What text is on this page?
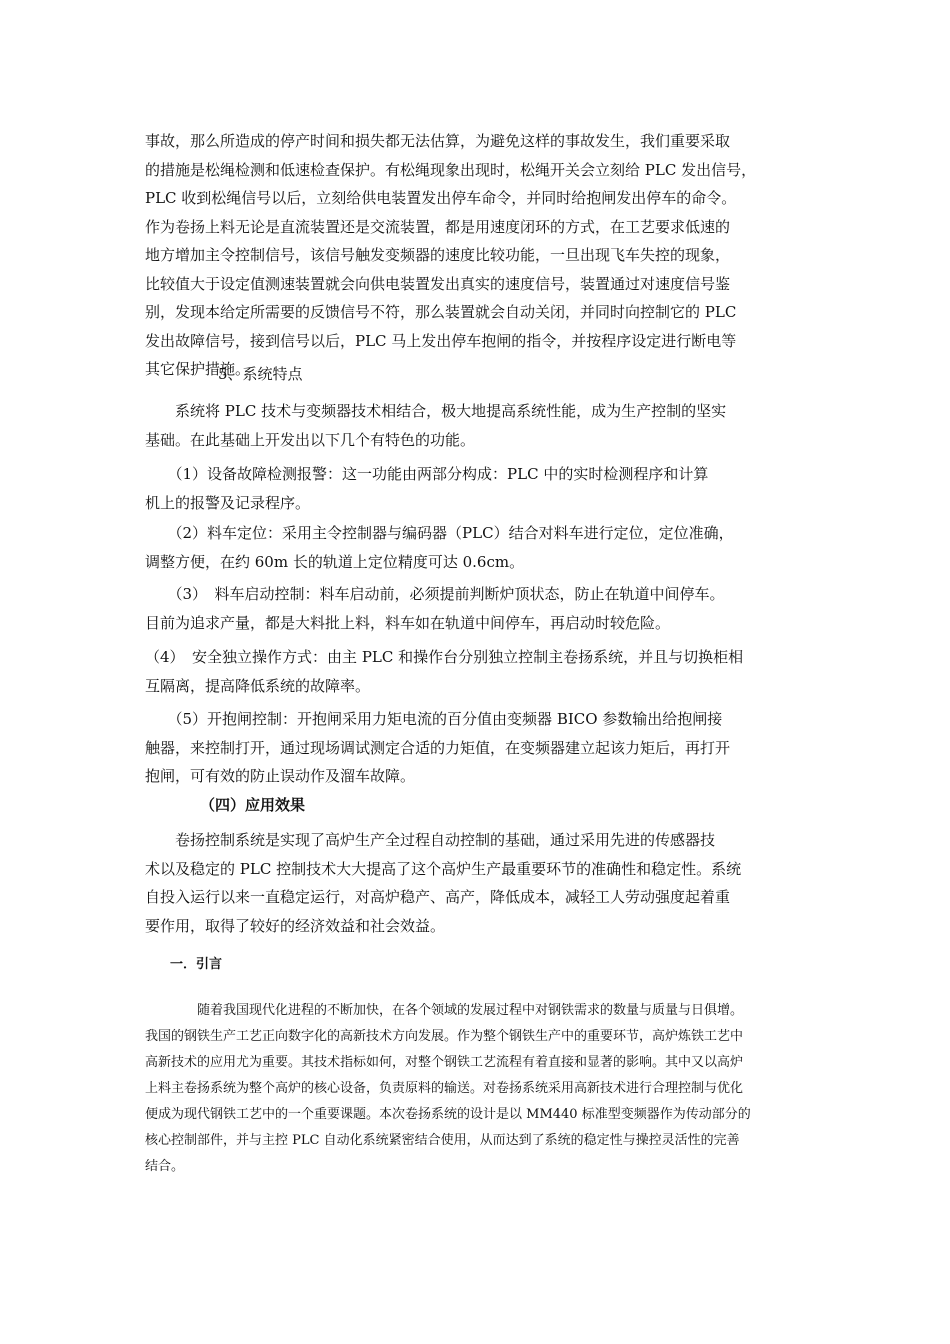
事故，那么所造成的停产时间和损失都无法估算，为避免这样的事故发生，我们重要采取
的措施是松绳检测和低速检查保护。有松绳现象出现时，松绳开关会立刻给 PLC 发出信号，
PLC 收到松绳信号以后，立刻给供电装置发出停车命令，并同时给抱闸发出停车的命令。
作为卷扬上料无论是直流装置还是交流装置，都是用速度闭环的方式，在工艺要求低速的
地方增加主令控制信号，该信号触发变频器的速度比较功能，一旦出现飞车失控的现象，
比较值大于设定值测速装置就会向供电装置发出真实的速度信号，装置通过对速度信号鉴
别，发现本给定所需要的反馈信号不符，那么装置就会自动关闭，并同时向控制它的 PLC
发出故障信号，接到信号以后，PLC 马上发出停车抱闸的指令，并按程序设定进行断电等
其它保护措施。
5、系统特点
　　系统将 PLC 技术与变频器技术相结合，极大地提高系统性能，成为生产控制的坚实
基础。在此基础上开发出以下几个有特色的功能。
　　（1）设备故障检测报警：这一功能由两部分构成：PLC 中的实时检测程序和计算
机上的报警及记录程序。
　　（2）料车定位：采用主令控制器与编码器（PLC）结合对料车进行定位，定位准确，
调整方便，在约 60m 长的轨道上定位精度可达 0.6cm。
　　（3）　料车启动控制：料车启动前，必须提前判断炉顶状态，防止在轨道中间停车。
目前为追求产量，都是大料批上料，料车如在轨道中间停车，再启动时较危险。
（4）　安全独立操作方式：由主 PLC 和操作台分别独立控制主卷扬系统，并且与切换柜相
互隔离，提高降低系统的故障率。
　　（5）开抱闸控制：开抱闸采用力矩电流的百分值由变频器 BICO 参数输出给抱闸接
触器，来控制打开，通过现场调试测定合适的力矩值，在变频器建立起该力矩后，再打开
抱闸，可有效的防止误动作及溜车故障。
（四）应用效果
　　卷扬控制系统是实现了高炉生产全过程自动控制的基础，通过采用先进的传感器技
术以及稳定的 PLC 控制技术大大提高了这个高炉生产最重要环节的准确性和稳定性。系统
自投入运行以来一直稳定运行，对高炉稳产、高产，降低成本，减轻工人劳动强度起着重
要作用，取得了较好的经济效益和社会效益。
一．引言
　　　　随着我国现代化进程的不断加快，在各个领域的发展过程中对钢铁需求的数量与质量与日俱增。
我国的钢铁生产工艺正向数字化的高新技术方向发展。作为整个钢铁生产中的重要环节，高炉炼铁工艺中
高新技术的应用尤为重要。其技术指标如何，对整个钢铁工艺流程有着直接和显著的影响。其中又以高炉
上料主卷扬系统为整个高炉的核心设备，负责原料的输送。对卷扬系统采用高新技术进行合理控制与优化
便成为现代钢铁工艺中的一个重要课题。本次卷扬系统的设计是以 MM440 标准型变频器作为传动部分的
核心控制部件，并与主控 PLC 自动化系统紧密结合使用，从而达到了系统的稳定性与操控灵活性的完善
结合。
